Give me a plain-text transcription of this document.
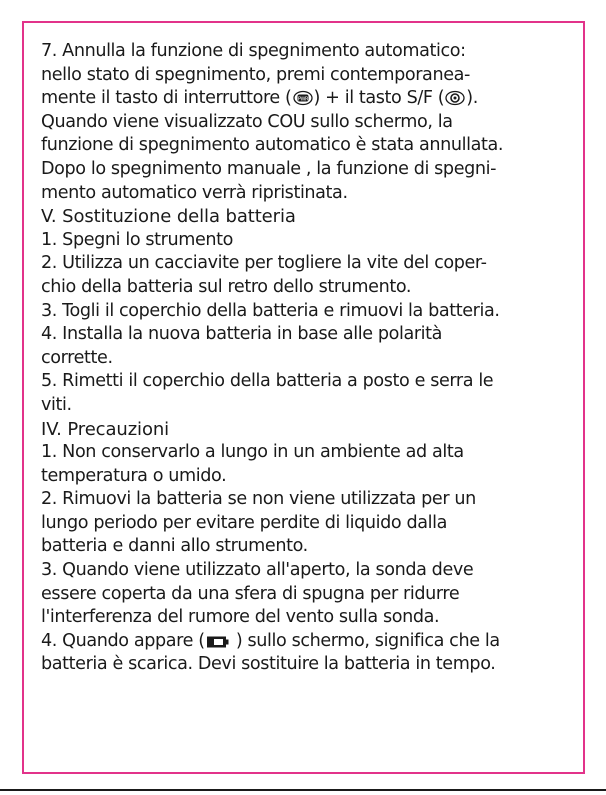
7. Annulla la funzione di spegnimento automatico:
nello stato di spegnimento, premi contemporanea-
mente il tasto di interruttore ( PWR ) + il tasto S/F ( ).
Quando viene visualizzato COU sullo schermo, la
funzione di spegnimento automatico è stata annullata.
Dopo lo spegnimento manuale , la funzione di spegni-
mento automatico verrà ripristinata.
V. Sostituzione della batteria
1. Spegni lo strumento
2. Utilizza un cacciavite per togliere la vite del coper-
chio della batteria sul retro dello strumento.
3. Togli il coperchio della batteria e rimuovi la batteria.
4. Installa la nuova batteria in base alle polarità
corrette.
5. Rimetti il coperchio della batteria a posto e serra le
viti.
IV. Precauzioni
1. Non conservarlo a lungo in un ambiente ad alta
temperatura o umido.
2. Rimuovi la batteria se non viene utilizzata per un
lungo periodo per evitare perdite di liquido dalla
batteria e danni allo strumento.
3. Quando viene utilizzato all'aperto, la sonda deve
essere coperta da una sfera di spugna per ridurre
l'interferenza del rumore del vento sulla sonda.
4. Quando appare ( ) sullo schermo, significa che la
batteria è scarica. Devi sostituire la batteria in tempo.
